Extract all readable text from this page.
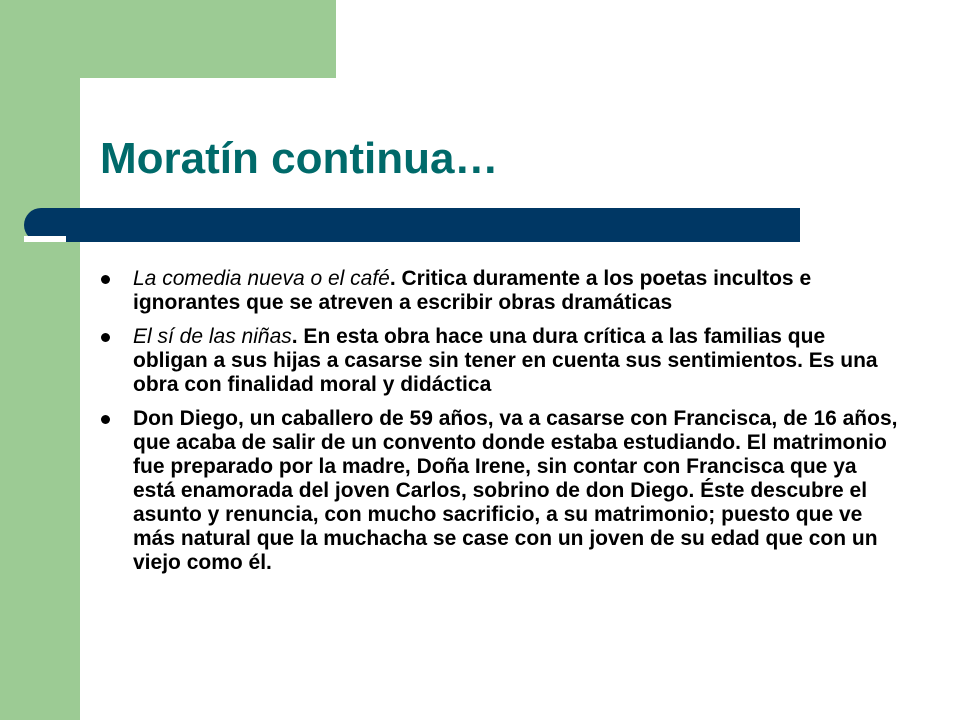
Moratín continua…
La comedia nueva o el café. Critica duramente a los poetas incultos e ignorantes que se atreven a escribir obras dramáticas
El sí de las niñas. En esta obra hace una dura crítica a las familias que obligan a sus hijas a casarse sin tener en cuenta sus sentimientos. Es una obra con finalidad moral y didáctica
Don Diego, un caballero de 59 años, va a casarse con Francisca, de 16 años, que acaba de salir de un convento donde estaba estudiando. El matrimonio fue preparado por la madre, Doña Irene, sin contar con Francisca que ya está enamorada del joven Carlos, sobrino de don Diego. Éste descubre el asunto y renuncia, con mucho sacrificio, a su matrimonio; puesto que ve más natural que la muchacha se case con un joven de su edad que con un viejo como él.
